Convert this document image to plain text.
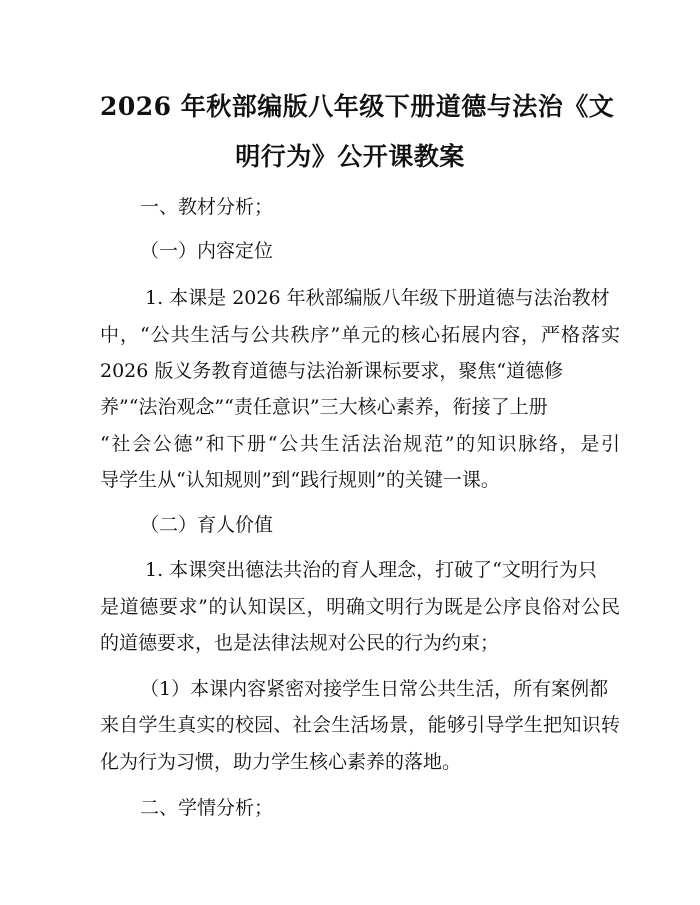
2026 年秋部编版八年级下册道德与法治《文
明行为》公开课教案
一、教材分析；
（一）内容定位
1. 本课是 2026 年秋部编版八年级下册道德与法治教材
中，“公共生活与公共秩序”单元的核心拓展内容，严格落实
2026 版义务教育道德与法治新课标要求，聚焦“道德修
养”“法治观念”“责任意识”三大核心素养，衔接了上册
“社会公德”和下册“公共生活法治规范”的知识脉络，是引
导学生从“认知规则”到“践行规则”的关键一课。
（二）育人价值
1. 本课突出德法共治的育人理念，打破了“文明行为只
是道德要求”的认知误区，明确文明行为既是公序良俗对公民
的道德要求，也是法律法规对公民的行为约束；
（1）本课内容紧密对接学生日常公共生活，所有案例都
来自学生真实的校园、社会生活场景，能够引导学生把知识转
化为行为习惯，助力学生核心素养的落地。
二、学情分析；
